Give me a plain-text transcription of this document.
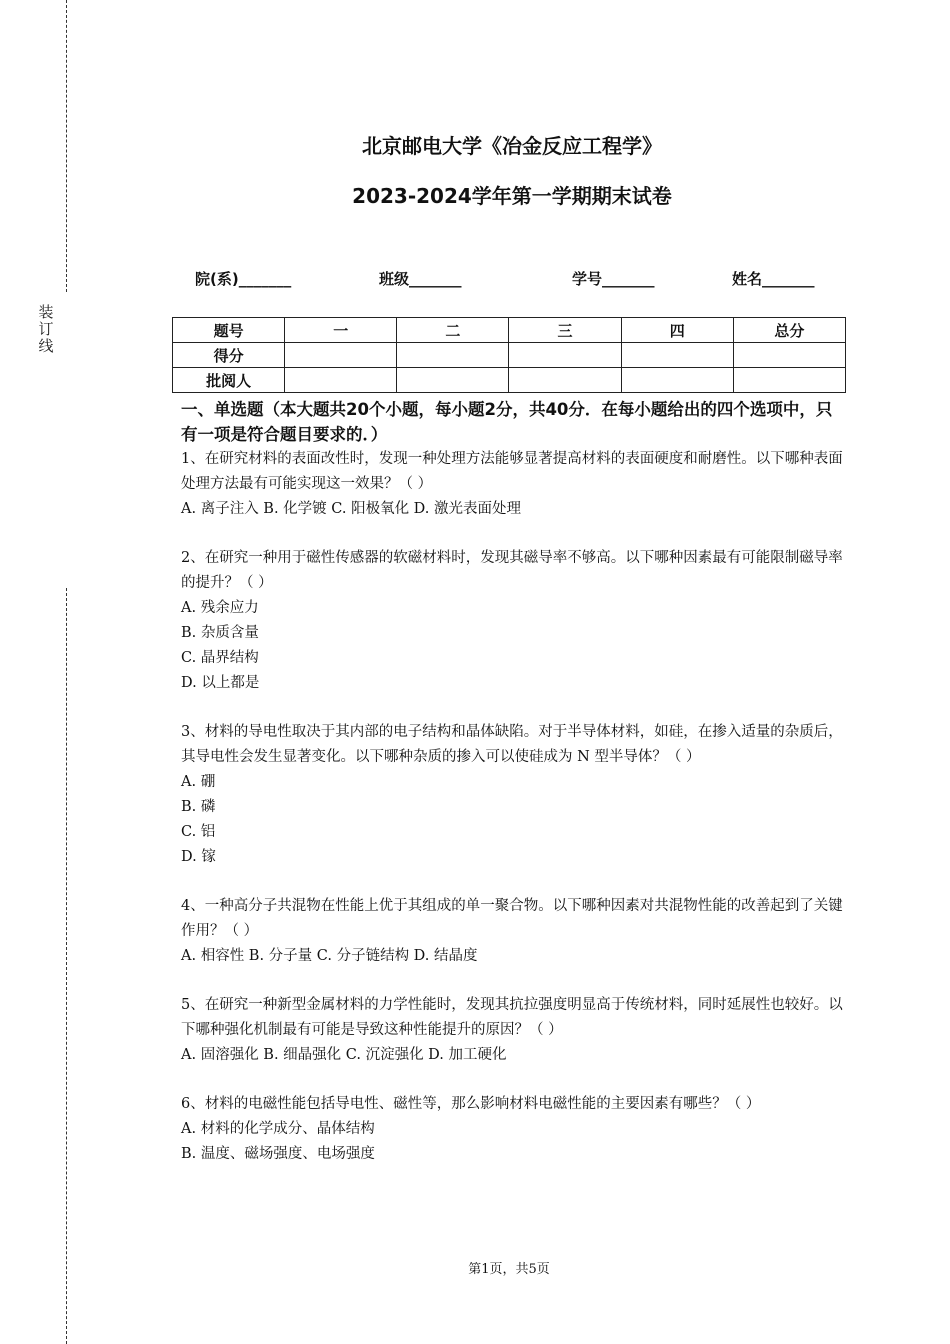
装
订
线
北京邮电大学《冶金反应工程学》
2023-2024学年第一学期期末试卷
院(系)_______	班级_______	学号_______	姓名_______
题号	一	二	三	四	总分
得分					
批阅人					
一、单选题（本大题共20个小题，每小题2分，共40分．在每小题给出的四个选项中，只有一项是符合题目要求的．）

1、在研究材料的表面改性时，发现一种处理方法能够显著提高材料的表面硬度和耐磨性。以下哪种表面处理方法最有可能实现这一效果？（ ）

A. 离子注入 B. 化学镀 C. 阳极氧化 D. 激光表面处理

2、在研究一种用于磁性传感器的软磁材料时，发现其磁导率不够高。以下哪种因素最有可能限制磁导率的提升？（ ）

A. 残余应力

B. 杂质含量

C. 晶界结构

D. 以上都是

3、材料的导电性取决于其内部的电子结构和晶体缺陷。对于半导体材料，如硅，在掺入适量的杂质后，其导电性会发生显著变化。以下哪种杂质的掺入可以使硅成为 N 型半导体？（ ）

A. 硼

B. 磷

C. 铝

D. 镓

4、一种高分子共混物在性能上优于其组成的单一聚合物。以下哪种因素对共混物性能的改善起到了关键作用？（ ）

A. 相容性 B. 分子量 C. 分子链结构 D. 结晶度

5、在研究一种新型金属材料的力学性能时，发现其抗拉强度明显高于传统材料，同时延展性也较好。以下哪种强化机制最有可能是导致这种性能提升的原因？（ ）

A. 固溶强化 B. 细晶强化 C. 沉淀强化 D. 加工硬化

6、材料的电磁性能包括导电性、磁性等，那么影响材料电磁性能的主要因素有哪些？（ ）

A. 材料的化学成分、晶体结构

B. 温度、磁场强度、电场强度

第1页，共5页
